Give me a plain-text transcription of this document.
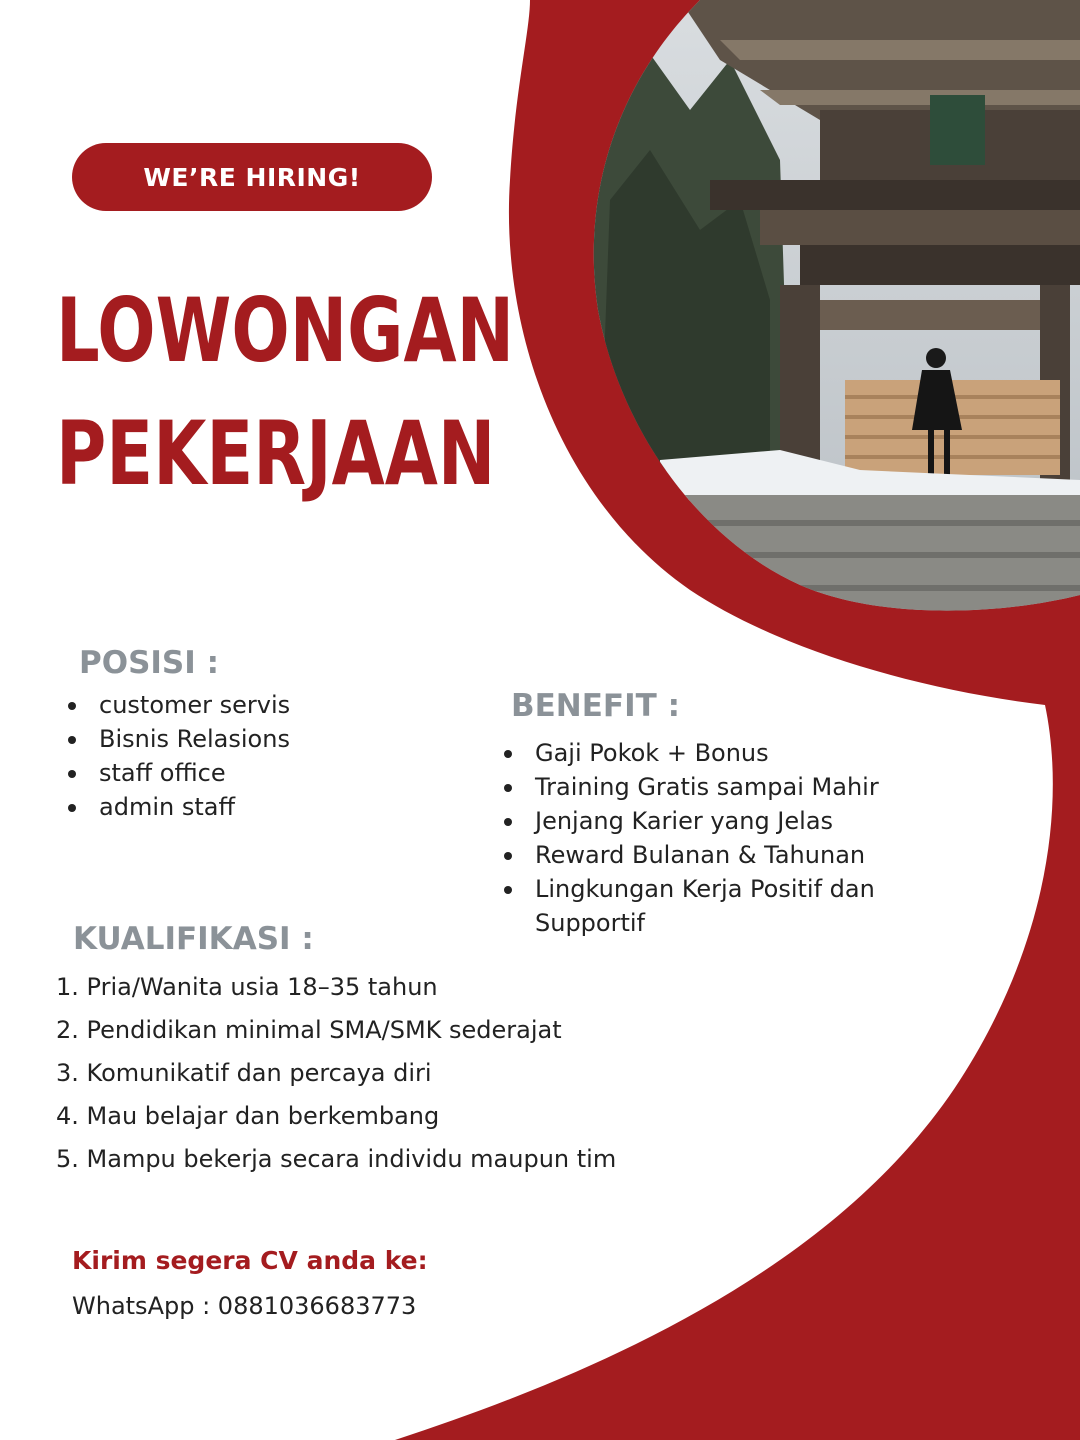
WE’RE HIRING!
LOWONGAN
PEKERJAAN
POSISI :
customer servis
Bisnis Relasions
staff office
admin staff
BENEFIT :
Gaji Pokok + Bonus
Training Gratis sampai Mahir
Jenjang Karier yang Jelas
Reward Bulanan & Tahunan
Lingkungan Kerja Positif dan Supportif
KUALIFIKASI :
1. Pria/Wanita usia 18–35 tahun
2. Pendidikan minimal SMA/SMK sederajat
3. Komunikatif dan percaya diri
4. Mau belajar dan berkembang
5. Mampu bekerja secara individu maupun tim
Kirim segera CV anda ke:
WhatsApp : 0881036683773
